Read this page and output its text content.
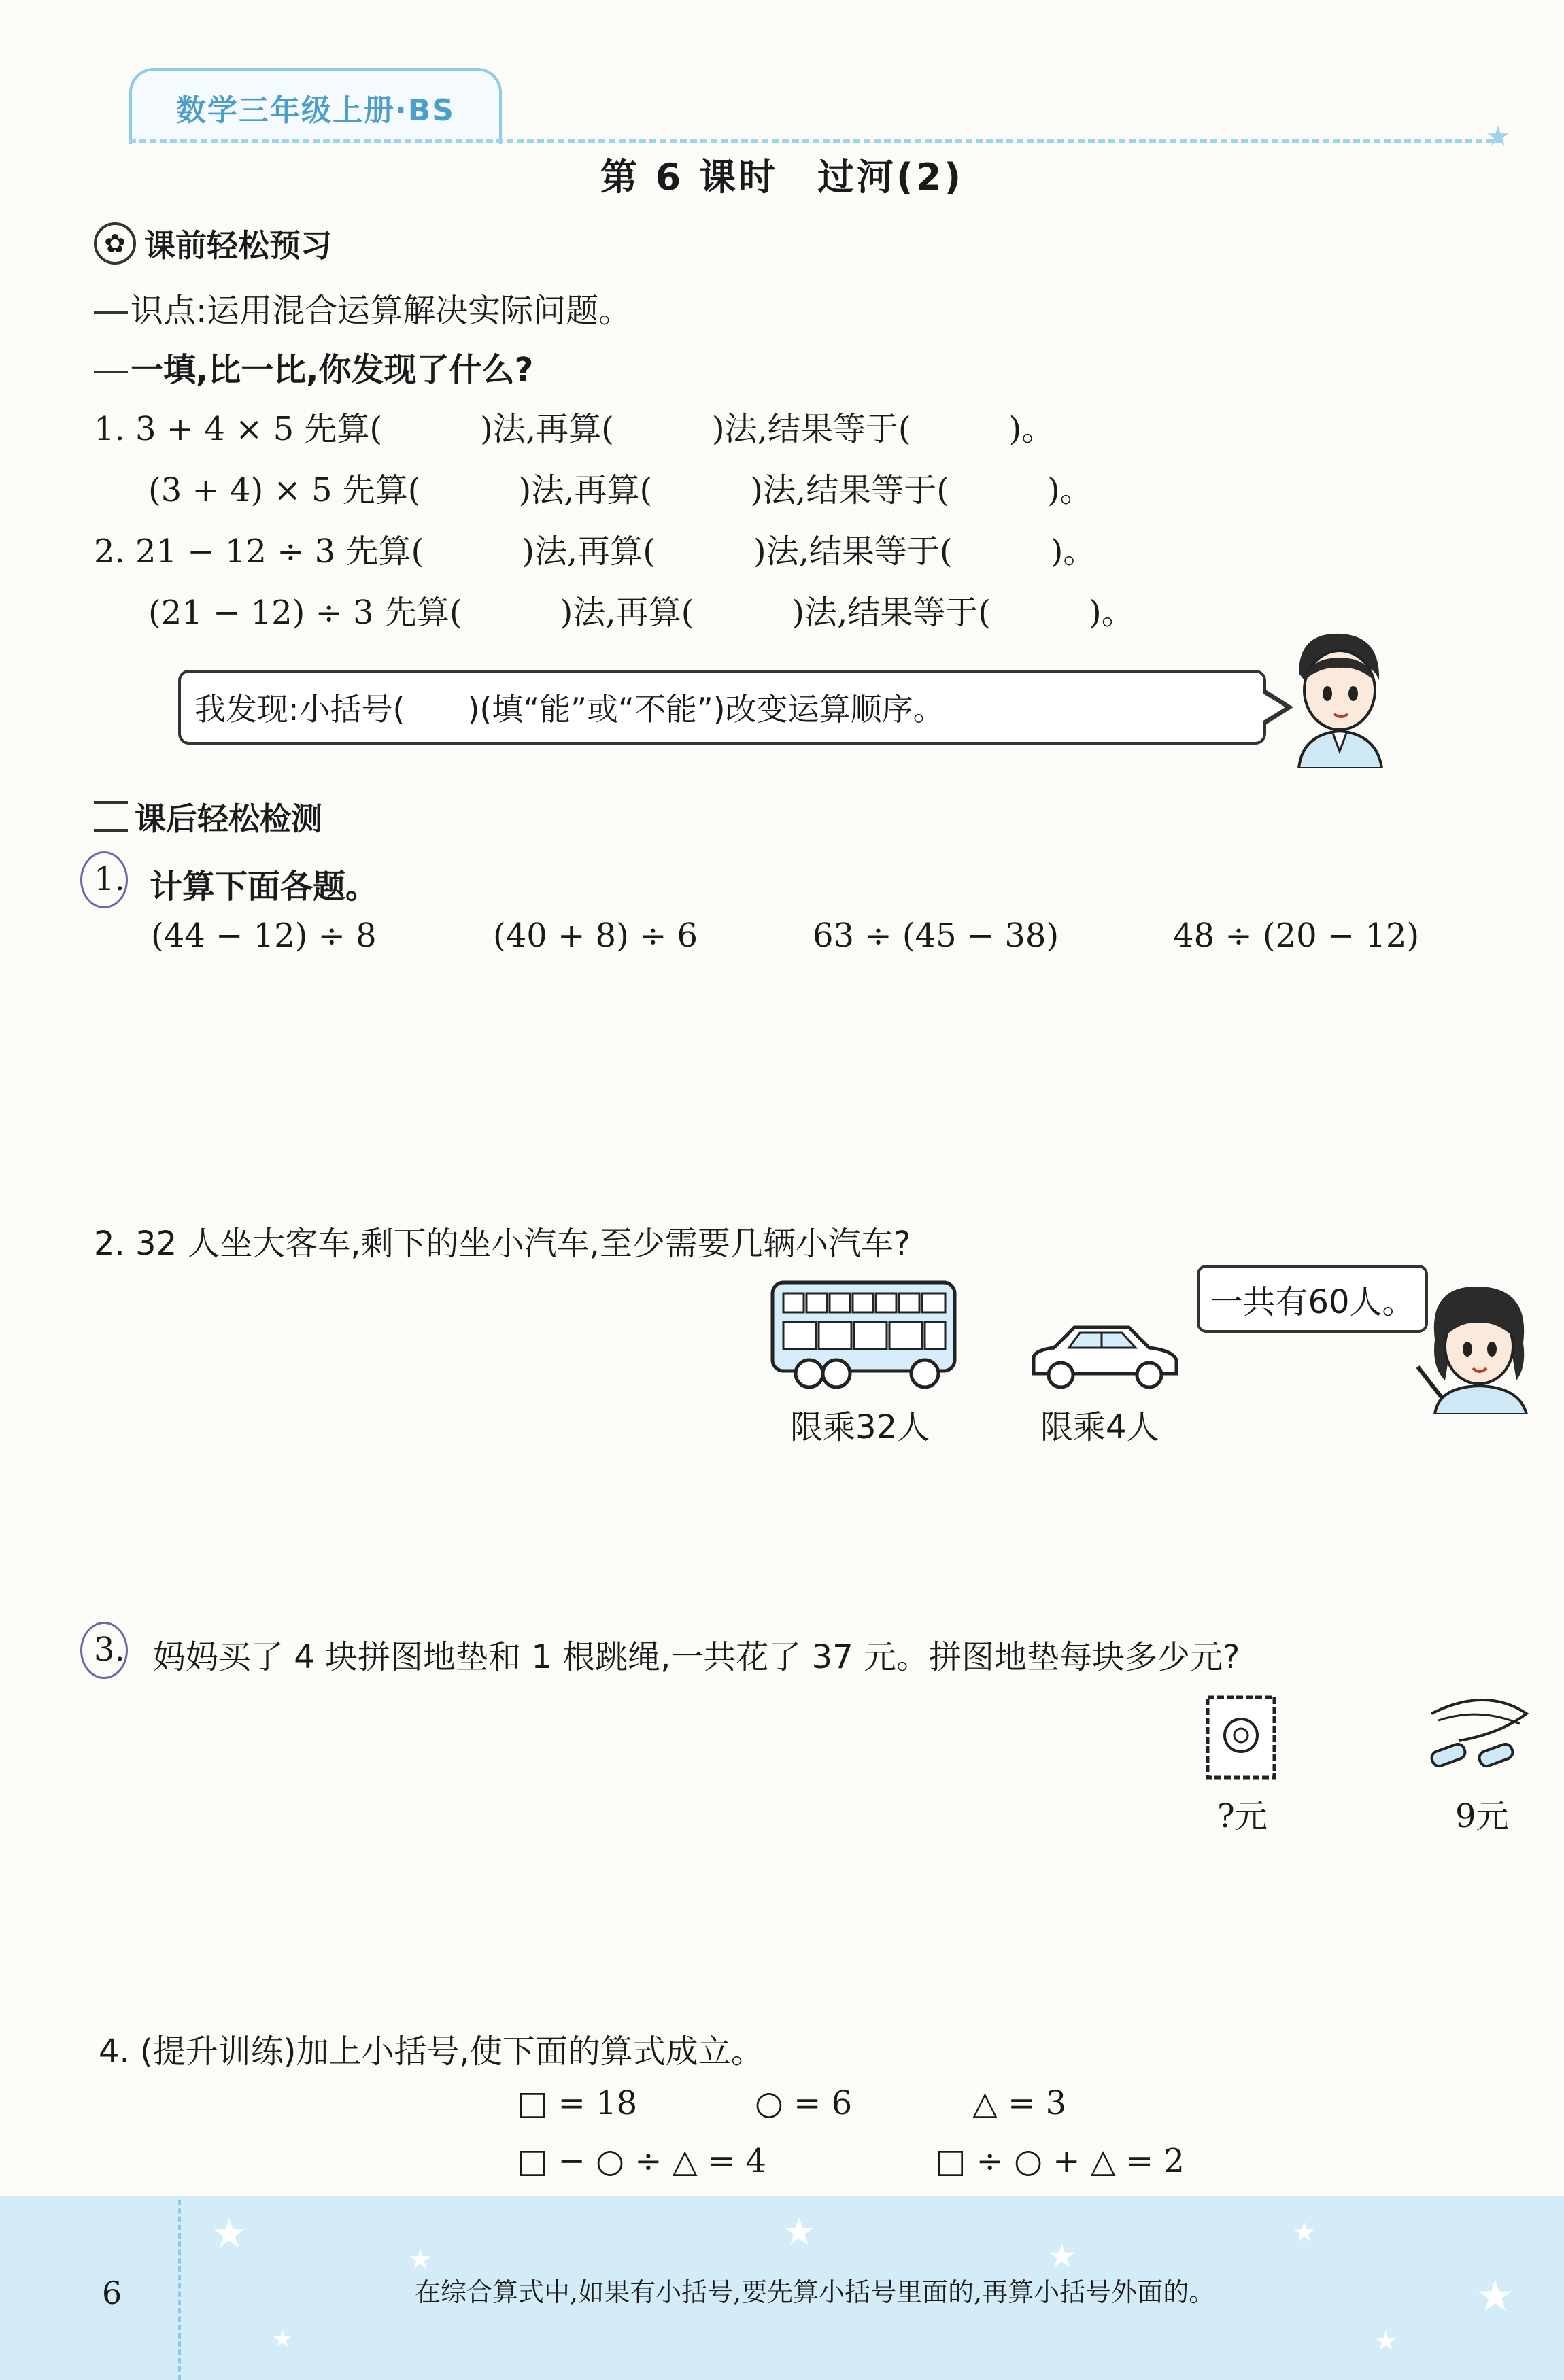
数学三年级上册·BS
★
第 6 课时　过河(2)
✿ 课前轻松预习
识点:运用混合运算解决实际问题。
一填,比一比,你发现了什么?
1. 3 + 4 × 5 先算(　　　)法,再算(　　　)法,结果等于(　　　)。
(3 + 4) × 5 先算(　　　)法,再算(　　　)法,结果等于(　　　)。
2. 21 − 12 ÷ 3 先算(　　　)法,再算(　　　)法,结果等于(　　　)。
(21 − 12) ÷ 3 先算(　　　)法,再算(　　　)法,结果等于(　　　)。
我发现:小括号(　　)(填“能”或“不能”)改变运算顺序。
课后轻松检测
1. 计算下面各题。
(44 − 12) ÷ 8	(40 + 8) ÷ 6	63 ÷ (45 − 38)	48 ÷ (20 − 12)
2. 32 人坐大客车,剩下的坐小汽车,至少需要几辆小汽车?
限乘32人	限乘4人
一共有60人。
3. 妈妈买了 4 块拼图地垫和 1 根跳绳,一共花了 37 元。拼图地垫每块多少元?
?元	9元
4. (提升训练)加上小括号,使下面的算式成立。
□ = 18	○ = 6	△ = 3
□ − ○ ÷ △ = 4	□ ÷ ○ + △ = 2
★
★
★
★
★
★
★
★
6	在综合算式中,如果有小括号,要先算小括号里面的,再算小括号外面的。
